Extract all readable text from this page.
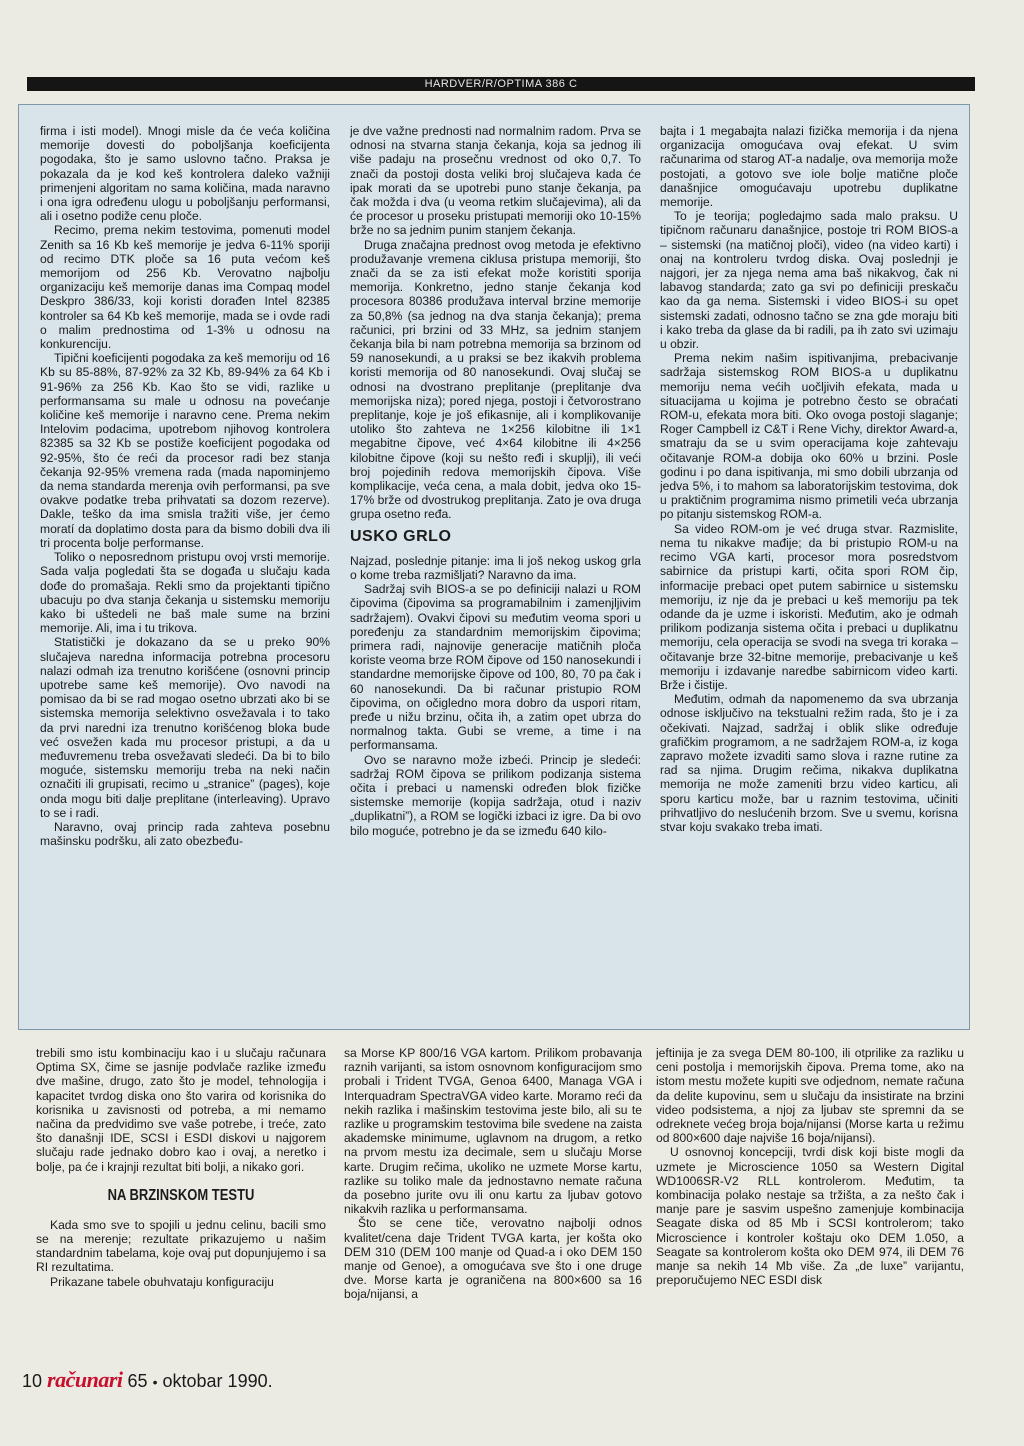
HARDVER/R/OPTIMA 386 C

firma i isti model). Mnogi misle da će veća količina memorije dovesti do poboljšanja koeficijenta pogodaka, što je samo uslovno tačno. Praksa je pokazala da je kod keš kontrolera daleko važniji primenjeni algoritam no sama količina, mada naravno i ona igra određenu ulogu u poboljšanju performansi, ali i osetno podiže cenu ploče.

Recimo, prema nekim testovima, pomenuti model Zenith sa 16 Kb keš memorije je jedva 6-11% sporiji od recimo DTK ploče sa 16 puta većom keš memorijom od 256 Kb. Verovatno najbolju organizaciju keš memorije danas ima Compaq model Deskpro 386/33, koji koristi dorađen Intel 82385 kontroler sa 64 Kb keš memorije, mada se i ovde radi o malim prednostima od 1-3% u odnosu na konkurenciju.

Tipični koeficijenti pogodaka za keš memoriju od 16 Kb su 85-88%, 87-92% za 32 Kb, 89-94% za 64 Kb i 91-96% za 256 Kb. Kao što se vidi, razlike u performansama su male u odnosu na povećanje količine keš memorije i naravno cene. Prema nekim Intelovim podacima, upotrebom njihovog kontrolera 82385 sa 32 Kb se postiže koeficijent pogodaka od 92-95%, što će reći da procesor radi bez stanja čekanja 92-95% vremena rada (mada napominjemo da nema standarda merenja ovih performansi, pa sve ovakve podatke treba prihvatati sa dozom rezerve). Dakle, teško da ima smisla tražiti više, jer ćemo moratí da doplatimo dosta para da bismo dobili dva ili tri procenta bolje performanse.

Toliko o neposrednom pristupu ovoj vrsti memorije. Sada valja pogledati šta se događa u slučaju kada dođe do promašaja. Rekli smo da projektanti tipično ubacuju po dva stanja čekanja u sistemsku memoriju kako bi uštedeli ne baš male sume na brzini memorije. Ali, ima i tu trikova.

Statistički je dokazano da se u preko 90% slučajeva naredna informacija potrebna procesoru nalazi odmah iza trenutno korišćene (osnovni princip upotrebe same keš memorije). Ovo navodi na pomisao da bi se rad mogao osetno ubrzati ako bi se sistemska memorija selektivno osvežavala i to tako da prvi naredni iza trenutno korišćenog bloka bude već osvežen kada mu procesor pristupi, a da u međuvremenu treba osvežavati sledeći. Da bi to bilo moguće, sistemsku memoriju treba na neki način označiti ili grupisati, recimo u „stranice” (pages), koje onda mogu biti dalje preplitane (interleaving). Upravo to se i radi.

Naravno, ovaj princip rada zahteva posebnu mašinsku podršku, ali zato obezbeđu-

je dve važne prednosti nad normalnim radom. Prva se odnosi na stvarna stanja čekanja, koja sa jednog ili više padaju na prosečnu vrednost od oko 0,7. To znači da postoji dosta veliki broj slučajeva kada će ipak morati da se upotrebi puno stanje čekanja, pa čak možda i dva (u veoma retkim slučajevima), ali da će procesor u proseku pristupati memoriji oko 10-15% brže no sa jednim punim stanjem čekanja.

Druga značajna prednost ovog metoda je efektivno produžavanje vremena ciklusa pristupa memoriji, što znači da se za isti efekat može koristiti sporija memorija. Konkretno, jedno stanje čekanja kod procesora 80386 produžava interval brzine memorije za 50,8% (sa jednog na dva stanja čekanja); prema računici, pri brzini od 33 MHz, sa jednim stanjem čekanja bila bi nam potrebna memorija sa brzinom od 59 nanosekundi, a u praksi se bez ikakvih problema koristi memorija od 80 nanosekundi. Ovaj slučaj se odnosi na dvostrano preplitanje (preplitanje dva memorijska niza); pored njega, postoji i četvorostrano preplitanje, koje je još efikasnije, ali i komplikovanije utoliko što zahteva ne 1×256 kilobitne ili 1×1 megabitne čipove, već 4×64 kilobitne ili 4×256 kilobitne čipove (koji su nešto ređi i skuplji), ili veći broj pojedinih redova memorijskih čipova. Više komplikacije, veća cena, a mala dobit, jedva oko 15-17% brže od dvostrukog preplitanja. Zato je ova druga grupa osetno ređa.

USKO GRLO

Najzad, poslednje pitanje: ima li još nekog uskog grla o kome treba razmišljati? Naravno da ima.

Sadržaj svih BIOS-a se po definiciji nalazi u ROM čipovima (čipovima sa programabilnim i zamenjljivim sadržajem). Ovakvi čipovi su međutim veoma spori u poređenju za standardnim memorijskim čipovima; primera radi, najnovije generacije matičnih ploča koriste veoma brze ROM čipove od 150 nanosekundi i standardne memorijske čipove od 100, 80, 70 pa čak i 60 nanosekundi. Da bi računar pristupio ROM čipovima, on očigledno mora dobro da uspori ritam, pređe u nižu brzinu, očita ih, a zatim opet ubrza do normalnog takta. Gubi se vreme, a time i na performansama.

Ovo se naravno može izbeći. Princip je sledeći: sadržaj ROM čipova se prilikom podizanja sistema očita i prebaci u namenski određen blok fizičke sistemske memorije (kopija sadržaja, otud i naziv „duplikatni”), a ROM se logički izbaci iz igre. Da bi ovo bilo moguće, potrebno je da se između 640 kilo-

bajta i 1 megabajta nalazi fizička memorija i da njena organizacija omogućava ovaj efekat. U svim računarima od starog AT-a nadalje, ova memorija može postojati, a gotovo sve iole bolje matične ploče današnjice omogućavaju upotrebu duplikatne memorije.

To je teorija; pogledajmo sada malo praksu. U tipičnom računaru današnjice, postoje tri ROM BIOS-a – sistemski (na matičnoj ploči), video (na video karti) i onaj na kontroleru tvrdog diska. Ovaj poslednji je najgori, jer za njega nema ama baš nikakvog, čak ni labavog standarda; zato ga svi po definiciji preskaču kao da ga nema. Sistemski i video BIOS-i su opet sistemski zadati, odnosno tačno se zna gde moraju biti i kako treba da glase da bi radili, pa ih zato svi uzimaju u obzir.

Prema nekim našim ispitivanjima, prebacivanje sadržaja sistemskog ROM BIOS-a u duplikatnu memoriju nema većih uočljivih efekata, mada u situacijama u kojima je potrebno često se obraćati ROM-u, efekata mora biti. Oko ovoga postoji slaganje; Roger Campbell iz C&T i Rene Vichy, direktor Award-a, smatraju da se u svim operacijama koje zahtevaju očitavanje ROM-a dobija oko 60% u brzini. Posle godinu i po dana ispitivanja, mi smo dobili ubrzanja od jedva 5%, i to mahom sa laboratorijskim testovima, dok u praktičnim programima nismo primetili veća ubrzanja po pitanju sistemskog ROM-a.

Sa video ROM-om je već druga stvar. Razmislite, nema tu nikakve mađije; da bi pristupio ROM-u na recimo VGA karti, procesor mora posredstvom sabirnice da pristupi karti, očita spori ROM čip, informacije prebaci opet putem sabirnice u sistemsku memoriju, iz nje da je prebaci u keš memoriju pa tek odande da je uzme i iskoristi. Međutim, ako je odmah prilikom podizanja sistema očita i prebaci u duplikatnu memoriju, cela operacija se svodi na svega tri koraka – očitavanje brze 32-bitne memorije, prebacivanje u keš memoriju i izdavanje naredbe sabirnicom video karti. Brže i čistije.

Međutim, odmah da napomenemo da sva ubrzanja odnose isključivo na tekstualni režim rada, što je i za očekivati. Najzad, sadržaj i oblik slike određuje grafičkim programom, a ne sadržajem ROM-a, iz koga zapravo možete izvaditi samo slova i razne rutine za rad sa njima. Drugim rečima, nikakva duplikatna memorija ne može zameniti brzu video karticu, ali sporu karticu može, bar u raznim testovima, učiniti prihvatljivo do neslućenih brzom. Sve u svemu, korisna stvar koju svakako treba imati.

trebili smo istu kombinaciju kao i u slučaju računara Optima SX, čime se jasnije podvlače razlike između dve mašine, drugo, zato što je model, tehnologija i kapacitet tvrdog diska ono što varira od korisnika do korisnika u zavisnosti od potreba, a mi nemamo načina da predvidimo sve vaše potrebe, i treće, zato što današnji IDE, SCSI i ESDI diskovi u najgorem slučaju rade jednako dobro kao i ovaj, a neretko i bolje, pa će i krajnji rezultat biti bolji, a nikako gori.

NA BRZINSKOM TESTU

Kada smo sve to spojili u jednu celinu, bacili smo se na merenje; rezultate prikazujemo u našim standardnim tabelama, koje ovaj put dopunjujemo i sa RI rezultatima.

Prikazane tabele obuhvataju konfiguraciju

sa Morse KP 800/16 VGA kartom. Prilikom probavanja raznih varijanti, sa istom osnovnom konfiguracijom smo probali i Trident TVGA, Genoa 6400, Managa VGA i Interquadram SpectraVGA video karte. Moramo reći da nekih razlika i mašinskim testovima jeste bilo, ali su te razlike u programskim testovima bile svedene na zaista akademske minimume, uglavnom na drugom, a retko na prvom mestu iza decimale, sem u slučaju Morse karte. Drugim rečima, ukoliko ne uzmete Morse kartu, razlike su toliko male da jednostavno nemate računa da posebno jurite ovu ili onu kartu za ljubav gotovo nikakvih razlika u performansama.

Što se cene tiče, verovatno najbolji odnos kvalitet/cena daje Trident TVGA karta, jer košta oko DEM 310 (DEM 100 manje od Quad-a i oko DEM 150 manje od Genoe), a omogućava sve što i one druge dve. Morse karta je ograničena na 800×600 sa 16 boja/nijansi, a

jeftinija je za svega DEM 80-100, ili otprilike za razliku u ceni postolja i memorijskih čipova. Prema tome, ako na istom mestu možete kupiti sve odjednom, nemate računa da delite kupovinu, sem u slučaju da insistirate na brzini video podsistema, a njoj za ljubav ste spremni da se odreknete većeg broja boja/nijansi (Morse karta u režimu od 800×600 daje najviše 16 boja/nijansi).

U osnovnoj koncepciji, tvrdi disk koji biste mogli da uzmete je Microscience 1050 sa Western Digital WD1006SR-V2 RLL kontrolerom. Međutim, ta kombinacija polako nestaje sa tržišta, a za nešto čak i manje pare je sasvim uspešno zamenjuje kombinacija Seagate diska od 85 Mb i SCSI kontrolerom; tako Microscience i kontroler koštaju oko DEM 1.050, a Seagate sa kontrolerom košta oko DEM 974, ili DEM 76 manje sa nekih 14 Mb više. Za „de luxe” varijantu, preporučujemo NEC ESDI disk

10 računari 65 • oktobar 1990.
